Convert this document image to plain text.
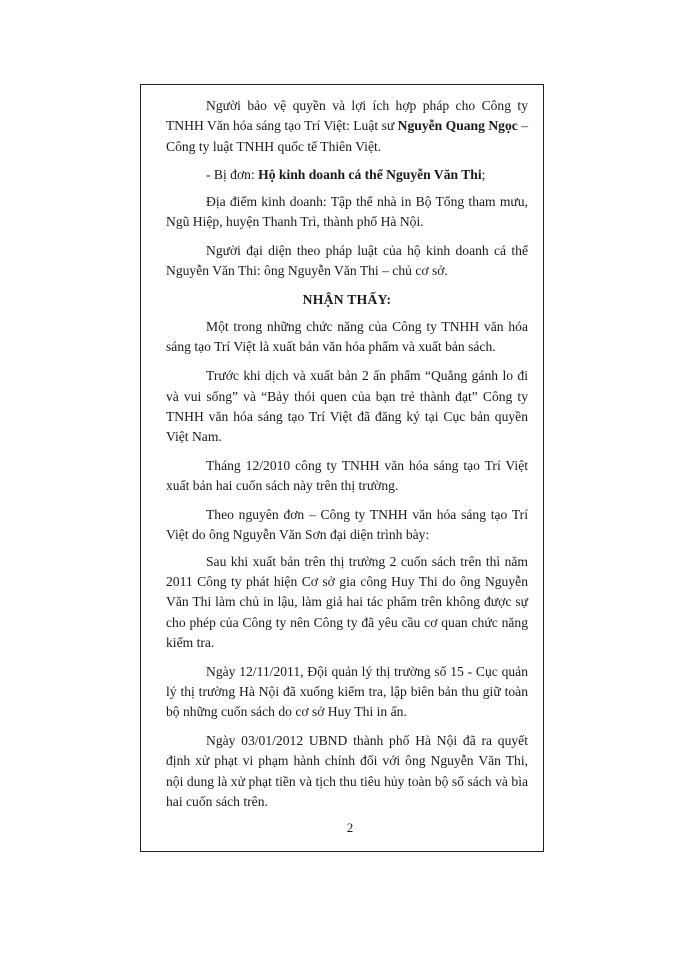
Người bảo vệ quyền và lợi ích hợp pháp cho Công ty TNHH Văn hóa sáng tạo Trí Việt: Luật sư Nguyễn Quang Ngọc – Công ty luật TNHH quốc tế Thiên Việt.

- Bị đơn: Hộ kinh doanh cá thể Nguyễn Văn Thi;

Địa điểm kinh doanh: Tập thể nhà in Bộ Tổng tham mưu, Ngũ Hiệp, huyện Thanh Trì, thành phố Hà Nội.

Người đại diện theo pháp luật của hộ kinh doanh cá thể Nguyễn Văn Thi: ông Nguyễn Văn Thi – chủ cơ sở.

NHẬN THẤY:

Một trong những chức năng của Công ty TNHH văn hóa sáng tạo Trí Việt là xuất bản văn hóa phẩm và xuất bản sách.

Trước khi dịch và xuất bản 2 ấn phẩm “Quẳng gánh lo đi và vui sống” và “Bảy thói quen của bạn trẻ thành đạt” Công ty TNHH văn hóa sáng tạo Trí Việt đã đăng ký tại Cục bản quyền Việt Nam.

Tháng 12/2010 công ty TNHH văn hóa sáng tạo Trí Việt xuất bản hai cuốn sách này trên thị trường.

Theo nguyên đơn – Công ty TNHH văn hóa sáng tạo Trí Việt do ông Nguyễn Văn Sơn đại diện trình bày:

Sau khi xuất bản trên thị trường 2 cuốn sách trên thì năm 2011 Công ty phát hiện Cơ sở gia công Huy Thi do ông Nguyễn Văn Thi làm chủ in lậu, làm giả hai tác phẩm trên không được sự cho phép của Công ty nên Công ty đã yêu cầu cơ quan chức năng kiểm tra.

Ngày 12/11/2011, Đội quản lý thị trường số 15 - Cục quản lý thị trường Hà Nội đã xuống kiểm tra, lập biên bản thu giữ toàn bộ những cuốn sách do cơ sở Huy Thi in ấn.

Ngày 03/01/2012 UBND thành phố Hà Nội đã ra quyết định xử phạt vi phạm hành chính đối với ông Nguyễn Văn Thi, nội dung là xử phạt tiền và tịch thu tiêu hủy toàn bộ số sách và bìa hai cuốn sách trên.

2
